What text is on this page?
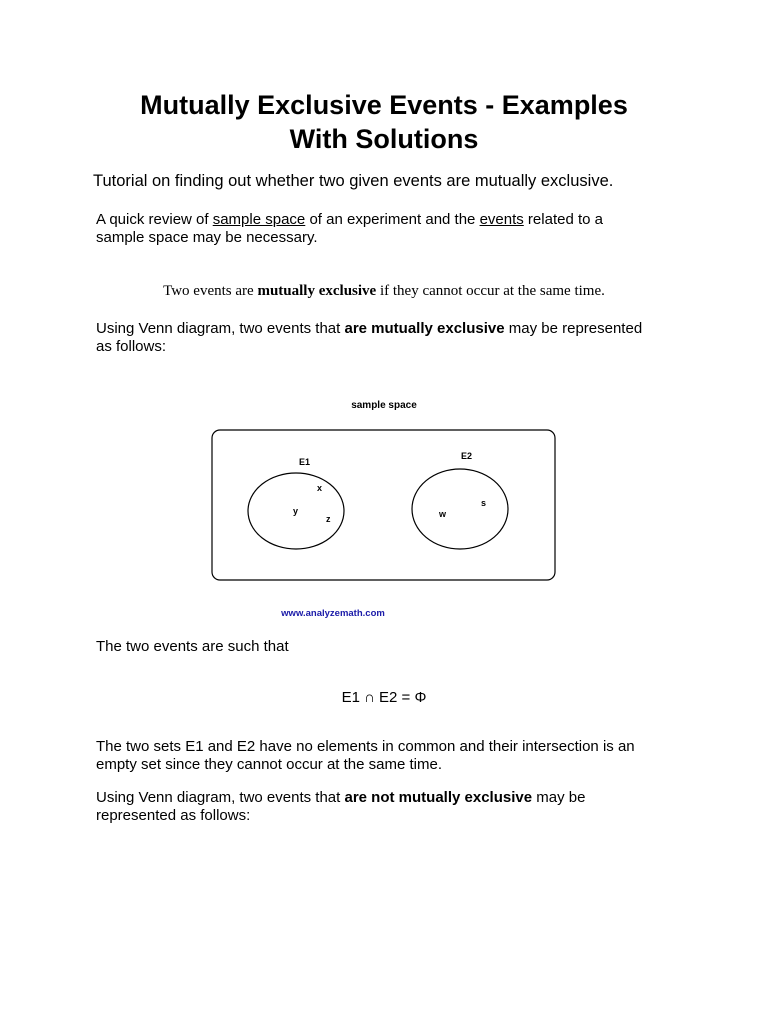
Mutually Exclusive Events - Examples
With Solutions
Tutorial on finding out whether two given events are mutually exclusive.
A quick review of sample space of an experiment and the events related to a
sample space may be necessary.
Two events are mutually exclusive if they cannot occur at the same time.
Using Venn diagram, two events that are mutually exclusive may be represented
as follows:
sample space
E1
E2
x
y
z	w
s
www.analyzemath.com
The two events are such that
E1 ∩ E2 = Φ
The two sets E1 and E2 have no elements in common and their intersection is an
empty set since they cannot occur at the same time.
Using Venn diagram, two events that are not mutually exclusive may be
represented as follows:
